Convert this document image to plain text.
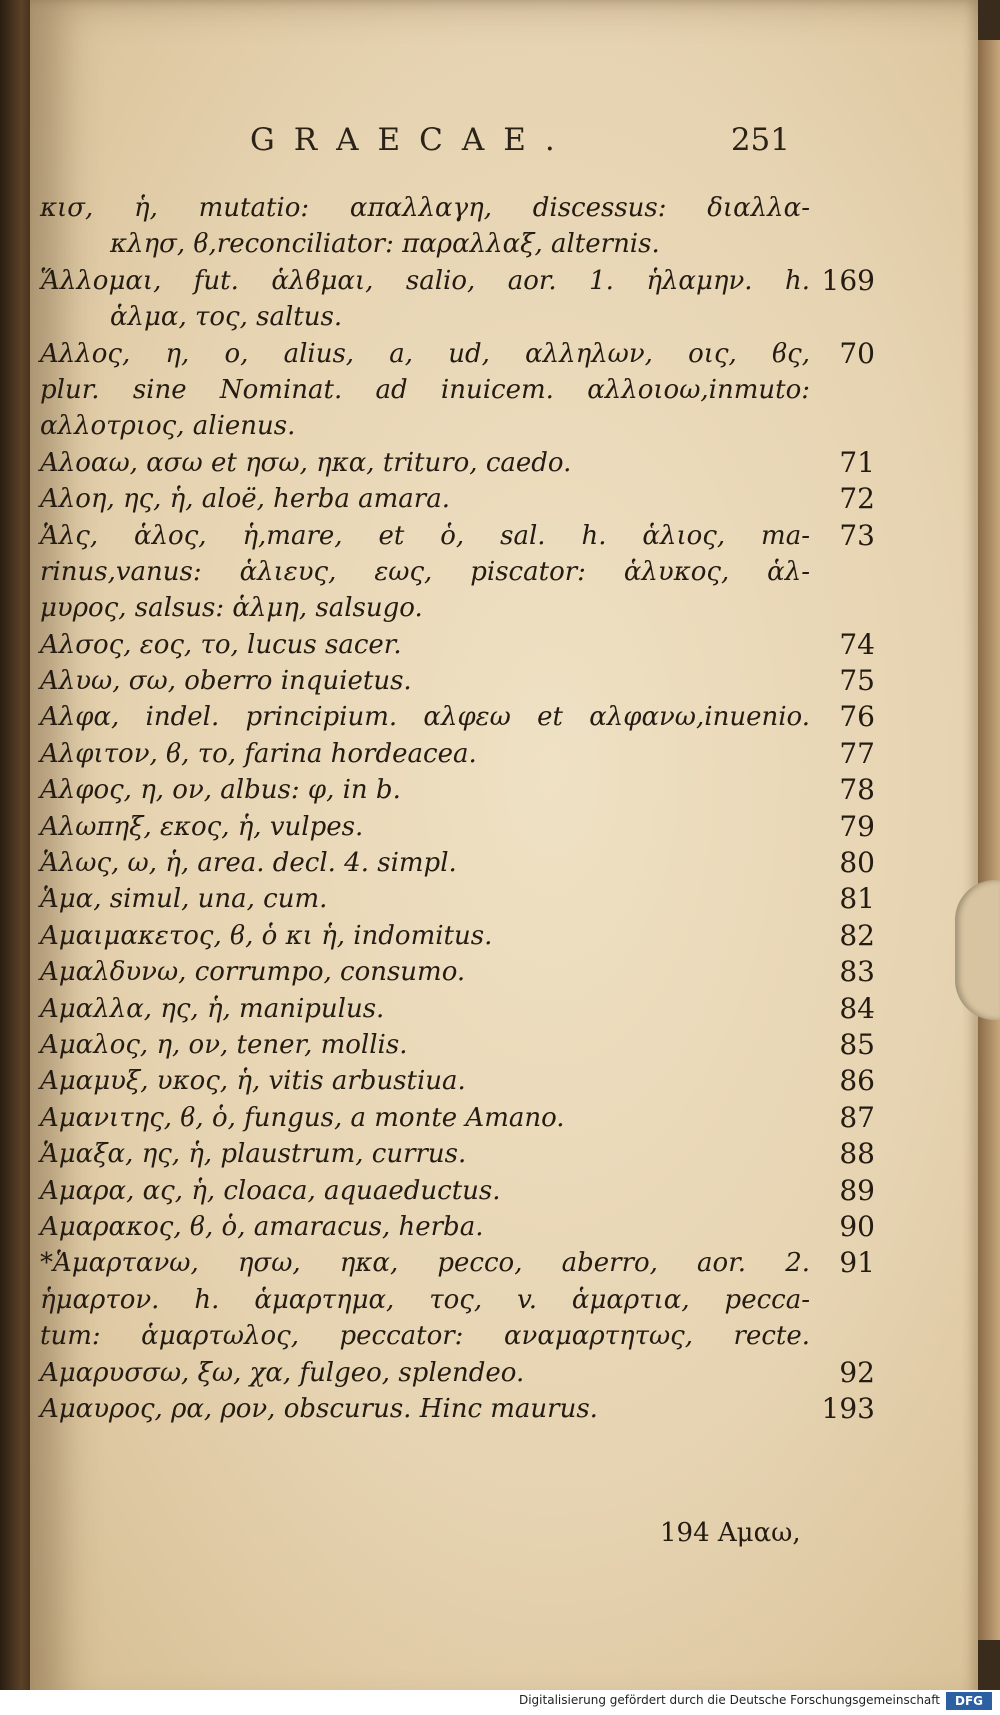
GRAECAE.	251
κισ, ἡ, mutatio: απαλλαγη, discessus: διαλλα-
κλησ, ϐ,reconciliator: παραλλαξ, alternis.
Ἅλλομαι, fut. ἁλϐμαι, salio, aor. 1. ἡλαμην. h. 169
ἁλμα, τος, saltus.
Αλλος, η, ο, alius, a, ud, αλληλων, οις, ϐς, 70
plur. sine Nominat. ad inuicem. αλλοιοω,inmuto:
αλλοτριος, alienus.
Αλοαω, ασω et ησω, ηκα, trituro, caedo.	71
Αλοη, ης, ἡ, aloë, herba amara.	72
Ἁλς, ἁλος, ἡ,mare, et ὁ, sal. h. ἁλιος, ma- 73
rinus,vanus: ἁλιευς, εως, piscator: ἁλυκος, ἁλ-
μυρος, salsus: ἁλμη, salsugo.
Αλσος, εος, το, lucus sacer.	74
Αλυω, σω, oberro inquietus.	75
Αλφα, indel. principium. αλφεω et αλφανω,inuenio. 76
Αλφιτον, ϐ, το, farina hordeacea.	77
Αλφος, η, ον, albus: φ, in b.	78
Αλωπηξ, εκος, ἡ, vulpes.	79
Ἁλως, ω, ἡ, area. decl. 4. simpl.	80
Ἁμα, simul, una, cum.	81
Αμαιμακετος, ϐ, ὁ κι ἡ, indomitus.	82
Αμαλδυνω, corrumpo, consumo.	83
Αμαλλα, ης, ἡ, manipulus.	84
Αμαλος, η, ον, tener, mollis.	85
Αμαμυξ, υκος, ἡ, vitis arbustiua.	86
Αμανιτης, ϐ, ὁ, fungus, a monte Amano.	87
Ἁμαξα, ης, ἡ, plaustrum, currus.	88
Αμαρα, ας, ἡ, cloaca, aquaeductus.	89
Αμαρακος, ϐ, ὁ, amaracus, herba.	90
*Ἁμαρτανω, ησω, ηκα, pecco, aberro, aor. 2. 91
ἡμαρτον. h. ἁμαρτημα, τος, v. ἁμαρτια, pecca-
tum: ἁμαρτωλος, peccator: αναμαρτητως, recte.
Αμαρυσσω, ξω, χα, fulgeo, splendeo.	92
Αμαυρος, ρα, ρον, obscurus. Hinc maurus.	193
194 Αμαω,
Digitalisierung gefördert durch die Deutsche Forschungsgemeinschaft	DFG
